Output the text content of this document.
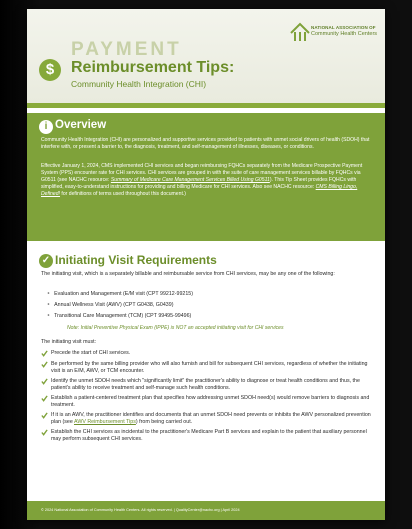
$
PAYMENT
Reimbursement Tips:
Community Health Integration (CHI)
NATIONAL ASSOCIATION OF
Community Health Centers
i Overview

Community Health Integration (CHI) are personalized and supportive services provided to patients with unmet social drivers of health (SDOH) that interfere with, or present a barrier to, the diagnosis, treatment, and self-management of illnesses, diseases, or conditions.

Effective January 1, 2024, CMS implemented CHI services and began reimbursing FQHCs separately from the Medicare Prospective Payment System (PPS) encounter rate for CHI services. CHI services are grouped in with the suite of care management services billable by FQHCs via G0511 (see NACHC resource: Summary of Medicare Care Management Services Billed Using G0511). This Tip Sheet provides FQHCs with simplified, easy-to-understand instructions for providing and billing Medicare for CHI services. Also see NACHC resource: CMS Billing Lingo, Defined! for definitions of terms used throughout this document.)

✓ Initiating Visit Requirements

The initiating visit, which is a separately billable and reimbursable service from CHI services, may be any one of the following:

‣ Evaluation and Management (E/M visit (CPT 99212-99215)
‣ Annual Wellness Visit (AWV) (CPT G0438, G0439)
‣ Transitional Care Management (TCM) (CPT 99495-99496)
Note: Initial Preventive Physical Exam (IPPE) is NOT an accepted initiating visit for CHI services

The initiating visit must:

Precede the start of CHI services.

Be performed by the same billing provider who will also furnish and bill for subsequent CHI services, regardless of whether the initiating visit is an E/M, AWV, or TCM encounter.

Identify the unmet SDOH needs which "significantly limit" the practitioner's ability to diagnose or treat health conditions and thus, the patient's ability to receive treatment and self-manage such health conditions.

Establish a patient-centered treatment plan that specifies how addressing unmet SDOH need(s) would remove barriers to diagnosis and treatment.

If it is an AWV, the practitioner identifies and documents that an unmet SDOH need prevents or inhibits the AWV personalized prevention plan (see AWV Reimbursement Tips) from being carried out.

Establish the CHI services as incidental to the practitioner's Medicare Part B services and explain to the patient that auxiliary personnel may perform subsequent CHI services.

© 2024 National Association of Community Health Centers. All rights reserved. | QualityCenter@nachc.org | April 2024
